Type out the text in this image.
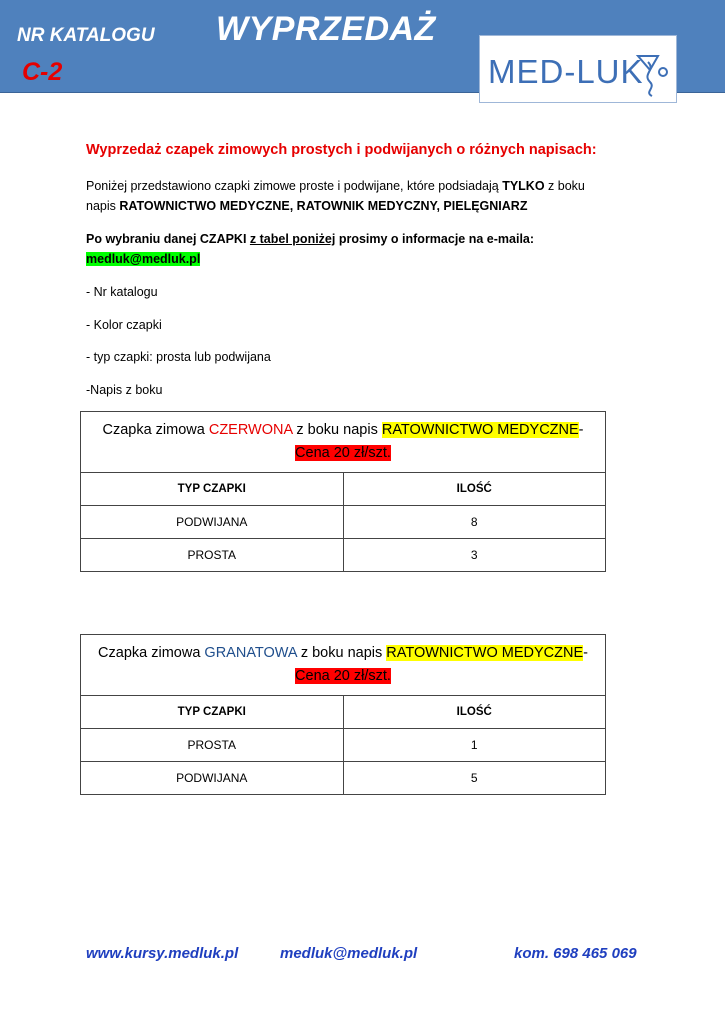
NR KATALOGU WYPRZEDAŻ
C-2	MED-LUK
Wyprzedaż czapek zimowych prostych i podwijanych o różnych napisach:
Poniżej przedstawiono czapki zimowe proste i podwijane, które podsiadają TYLKO z boku
napis RATOWNICTWO MEDYCZNE, RATOWNIK MEDYCZNY, PIELĘGNIARZ
Po wybraniu danej CZAPKI z tabel poniżej prosimy o informacje na e-maila:
medluk@medluk.pl
- Nr katalogu
- Kolor czapki
- typ czapki: prosta lub podwijana
-Napis z boku
Czapka zimowa CZERWONA z boku napis RATOWNICTWO MEDYCZNE-
Cena 20 zł/szt.	
TYP CZAPKI	ILOŚĆ
PODWIJANA	8
PROSTA	3
Czapka zimowa GRANATOWA z boku napis RATOWNICTWO MEDYCZNE-
Cena 20 zł/szt.	
TYP CZAPKI	ILOŚĆ
PROSTA	1
PODWIJANA	5
www.kursy.medluk.pl	medluk@medluk.pl	kom. 698 465 069
